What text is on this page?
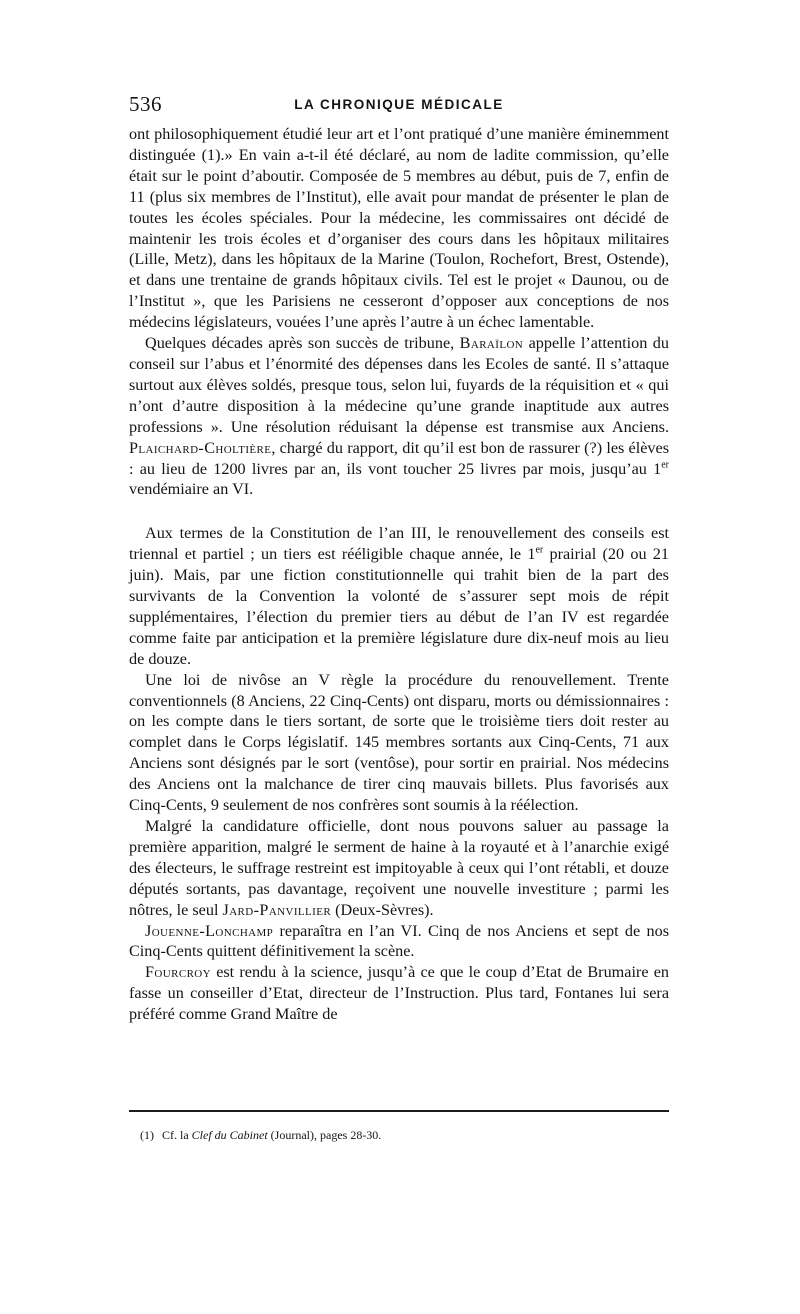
536	LA CHRONIQUE MÉDICALE

ont philosophiquement étudié leur art et l’ont pratiqué d’une manière éminemment distinguée (1).» En vain a-t-il été déclaré, au nom de ladite commission, qu’elle était sur le point d’aboutir. Composée de 5 membres au début, puis de 7, enfin de 11 (plus six membres de l’Institut), elle avait pour mandat de présenter le plan de toutes les écoles spéciales. Pour la médecine, les commissaires ont décidé de maintenir les trois écoles et d’organiser des cours dans les hôpitaux militaires (Lille, Metz), dans les hôpitaux de la Marine (Toulon, Rochefort, Brest, Ostende), et dans une trentaine de grands hôpitaux civils. Tel est le projet « Daunou, ou de l’Institut », que les Parisiens ne cesseront d’opposer aux conceptions de nos médecins législateurs, vouées l’une après l’autre à un échec lamentable.

Quelques décades après son succès de tribune, Baraïlon appelle l’attention du conseil sur l’abus et l’énormité des dépenses dans les Ecoles de santé. Il s’attaque surtout aux élèves soldés, presque tous, selon lui, fuyards de la réquisition et « qui n’ont d’autre disposition à la médecine qu’une grande inaptitude aux autres professions ». Une résolution réduisant la dépense est transmise aux Anciens. Plaichard-Choltière, chargé du rapport, dit qu’il est bon de rassurer (?) les élèves : au lieu de 1200 livres par an, ils vont toucher 25 livres par mois, jusqu’au 1er vendémiaire an VI.

Aux termes de la Constitution de l’an III, le renouvellement des conseils est triennal et partiel ; un tiers est rééligible chaque année, le 1er prairial (20 ou 21 juin). Mais, par une fiction constitutionnelle qui trahit bien de la part des survivants de la Convention la volonté de s’assurer sept mois de répit supplémentaires, l’élection du premier tiers au début de l’an IV est regardée comme faite par anticipation et la première législature dure dix-neuf mois au lieu de douze.

Une loi de nivôse an V règle la procédure du renouvellement. Trente conventionnels (8 Anciens, 22 Cinq-Cents) ont disparu, morts ou démissionnaires : on les compte dans le tiers sortant, de sorte que le troisième tiers doit rester au complet dans le Corps législatif. 145 membres sortants aux Cinq-Cents, 71 aux Anciens sont désignés par le sort (ventôse), pour sortir en prairial. Nos médecins des Anciens ont la malchance de tirer cinq mauvais billets. Plus favorisés aux Cinq-Cents, 9 seulement de nos confrères sont soumis à la réélection.

Malgré la candidature officielle, dont nous pouvons saluer au passage la première apparition, malgré le serment de haine à la royauté et à l’anarchie exigé des électeurs, le suffrage restreint est impitoyable à ceux qui l’ont rétabli, et douze députés sortants, pas davantage, reçoivent une nouvelle investiture ; parmi les nôtres, le seul Jard-Panvillier (Deux-Sèvres).

Jouenne-Lonchamp reparaîtra en l’an VI. Cinq de nos Anciens et sept de nos Cinq-Cents quittent définitivement la scène.

Fourcroy est rendu à la science, jusqu’à ce que le coup d’Etat de Brumaire en fasse un conseiller d’Etat, directeur de l’Instruction. Plus tard, Fontanes lui sera préféré comme Grand Maître de

(1) Cf. la Clef du Cabinet (Journal), pages 28-30.
